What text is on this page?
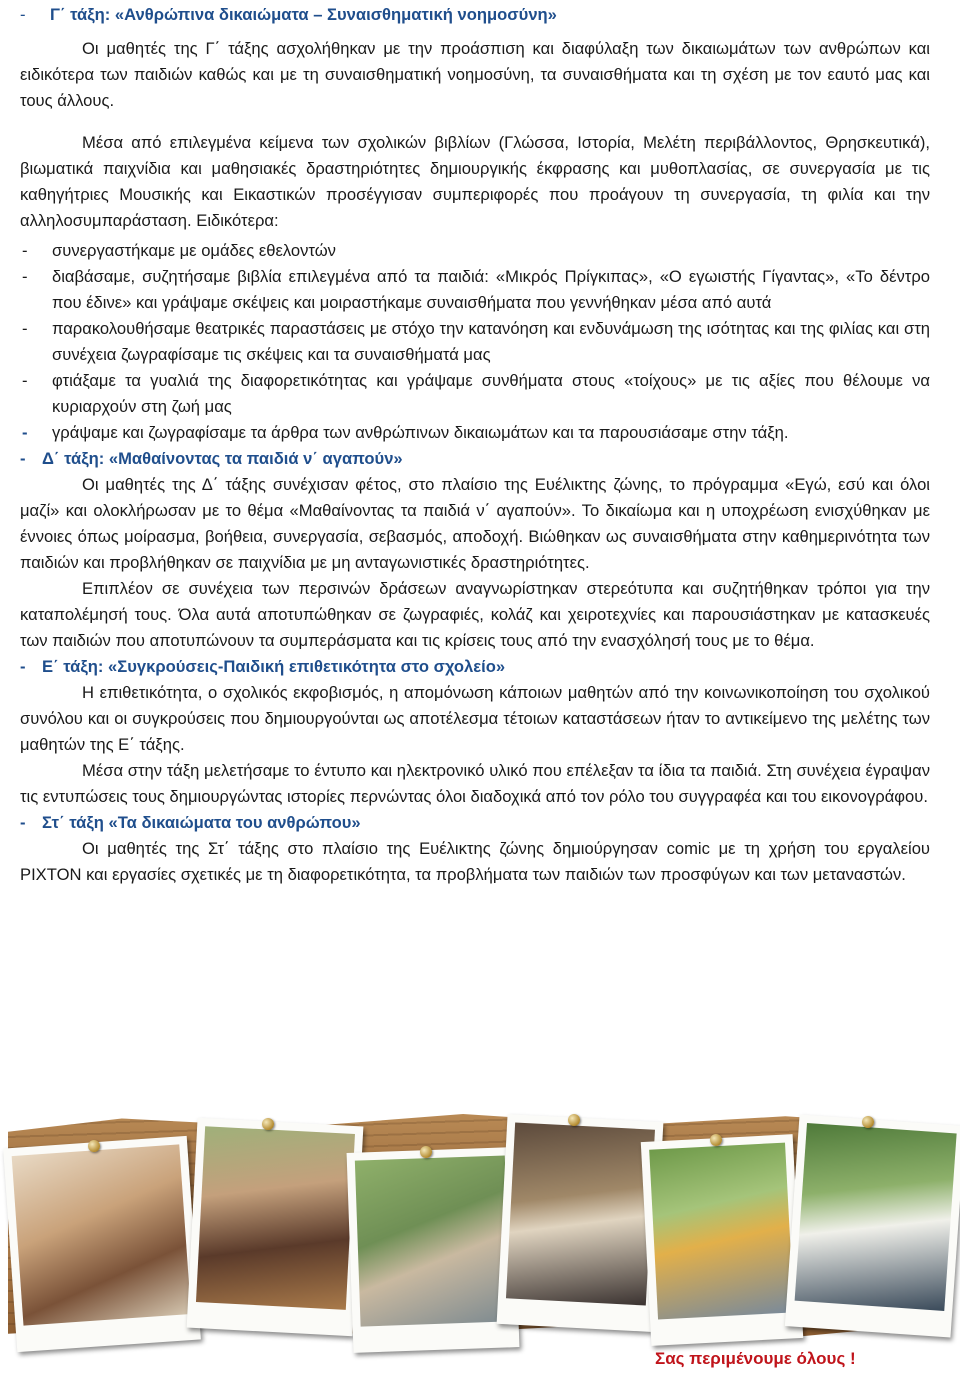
- Γ΄ τάξη: «Ανθρώπινα δικαιώματα – Συναισθηματική νοημοσύνη»

Οι μαθητές της Γ΄ τάξης ασχολήθηκαν με την προάσπιση και διαφύλαξη των δικαιωμάτων των ανθρώπων και ειδικότερα των παιδιών καθώς και με τη συναισθηματική νοημοσύνη, τα συναισθήματα και τη σχέση με τον εαυτό μας και τους άλλους.

Μέσα από επιλεγμένα κείμενα των σχολικών βιβλίων (Γλώσσα, Ιστορία, Μελέτη περιβάλλοντος, Θρησκευτικά), βιωματικά παιχνίδια και μαθησιακές δραστηριότητες δημιουργικής έκφρασης και μυθοπλασίας, σε συνεργασία με τις καθηγήτριες Μουσικής και Εικαστικών προσέγγισαν συμπεριφορές που προάγουν τη συνεργασία, τη φιλία και την αλληλοσυμπαράσταση. Ειδικότερα:

- συνεργαστήκαμε με ομάδες εθελοντών
- διαβάσαμε, συζητήσαμε βιβλία επιλεγμένα από τα παιδιά: «Μικρός Πρίγκιπας», «Ο εγωιστής Γίγαντας», «Το δέντρο που έδινε» και γράψαμε σκέψεις και μοιραστήκαμε συναισθήματα που γεννήθηκαν μέσα από αυτά
- παρακολουθήσαμε θεατρικές παραστάσεις με στόχο την κατανόηση και ενδυνάμωση της ισότητας και της φιλίας και στη συνέχεια ζωγραφίσαμε τις σκέψεις και τα συναισθήματά μας
- φτιάξαμε τα γυαλιά της διαφορετικότητας και γράψαμε συνθήματα στους «τοίχους» με τις αξίες που θέλουμε να κυριαρχούν στη ζωή μας
- γράψαμε και ζωγραφίσαμε τα άρθρα των ανθρώπινων δικαιωμάτων και τα παρουσιάσαμε στην τάξη.

- Δ΄ τάξη: «Μαθαίνοντας τα παιδιά ν΄ αγαπούν»

Οι μαθητές της Δ΄ τάξης συνέχισαν φέτος, στο πλαίσιο της Ευέλικτης ζώνης, το πρόγραμμα «Εγώ, εσύ και όλοι μαζί» και ολοκλήρωσαν με το θέμα «Μαθαίνοντας τα παιδιά ν΄ αγαπούν». Το δικαίωμα και η υποχρέωση ενισχύθηκαν με έννοιες όπως μοίρασμα, βοήθεια, συνεργασία, σεβασμός, αποδοχή. Βιώθηκαν ως συναισθήματα στην καθημερινότητα των παιδιών και προβλήθηκαν σε παιχνίδια με μη ανταγωνιστικές δραστηριότητες.

Επιπλέον σε συνέχεια των περσινών δράσεων αναγνωρίστηκαν στερεότυπα και συζητήθηκαν τρόποι για την καταπολέμησή τους. Όλα αυτά αποτυπώθηκαν σε ζωγραφιές, κολάζ και χειροτεχνίες και παρουσιάστηκαν με κατασκευές των παιδιών που αποτυπώνουν τα συμπεράσματα και τις κρίσεις τους από την ενασχόλησή τους με το θέμα.

- Ε΄ τάξη: «Συγκρούσεις-Παιδική επιθετικότητα στο σχολείο»

Η επιθετικότητα, ο σχολικός εκφοβισμός, η απομόνωση κάποιων μαθητών από την κοινωνικοποίηση του σχολικού συνόλου και οι συγκρούσεις που δημιουργούνται ως αποτέλεσμα τέτοιων καταστάσεων ήταν το αντικείμενο της μελέτης των μαθητών της Ε΄ τάξης.

Μέσα στην τάξη μελετήσαμε το έντυπο και ηλεκτρονικό υλικό που επέλεξαν τα ίδια τα παιδιά. Στη συνέχεια έγραψαν τις εντυπώσεις τους δημιουργώντας ιστορίες περνώντας όλοι διαδοχικά από τον ρόλο του συγγραφέα και του εικονογράφου.

- Στ΄ τάξη «Τα δικαιώματα του ανθρώπου»

Οι μαθητές της Στ΄ τάξης στο πλαίσιο της Ευέλικτης ζώνης δημιούργησαν comic με τη χρήση του εργαλείου PIXTON και εργασίες σχετικές με τη διαφορετικότητα, τα προβλήματα των παιδιών των προσφύγων και των μεταναστών.

Σας περιμένουμε όλους !
